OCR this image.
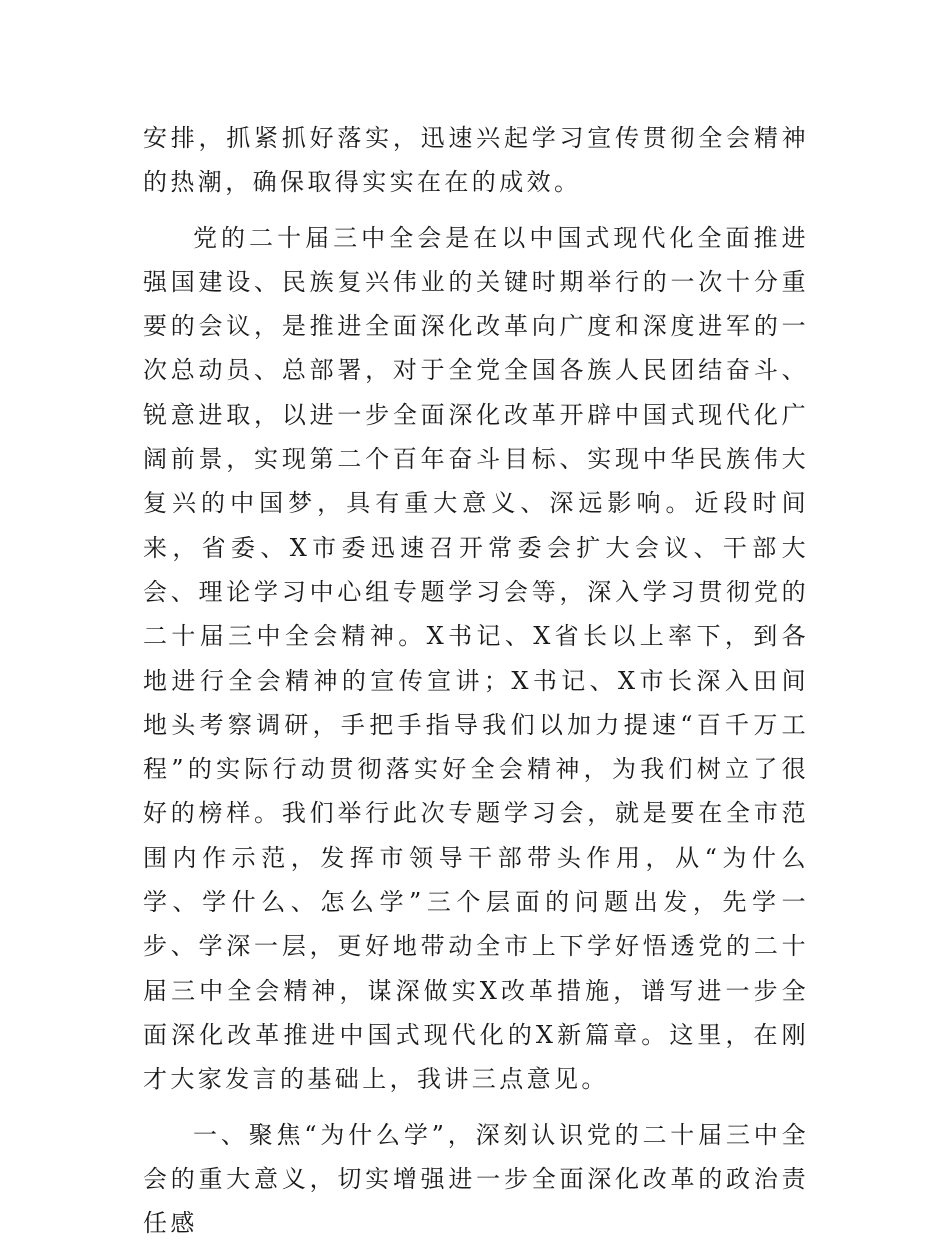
安排，抓紧抓好落实，迅速兴起学习宣传贯彻全会精神的热潮，确保取得实实在在的成效。

党的二十届三中全会是在以中国式现代化全面推进强国建设、民族复兴伟业的关键时期举行的一次十分重要的会议，是推进全面深化改革向广度和深度进军的一次总动员、总部署，对于全党全国各族人民团结奋斗、锐意进取，以进一步全面深化改革开辟中国式现代化广阔前景，实现第二个百年奋斗目标、实现中华民族伟大复兴的中国梦，具有重大意义、深远影响。近段时间来，省委、X市委迅速召开常委会扩大会议、干部大会、理论学习中心组专题学习会等，深入学习贯彻党的二十届三中全会精神。X书记、X省长以上率下，到各地进行全会精神的宣传宣讲；X书记、X市长深入田间地头考察调研，手把手指导我们以加力提速“百千万工程”的实际行动贯彻落实好全会精神，为我们树立了很好的榜样。我们举行此次专题学习会，就是要在全市范围内作示范，发挥市领导干部带头作用，从“为什么学、学什么、怎么学”三个层面的问题出发，先学一步、学深一层，更好地带动全市上下学好悟透党的二十届三中全会精神，谋深做实X改革措施，谱写进一步全面深化改革推进中国式现代化的X新篇章。这里，在刚才大家发言的基础上，我讲三点意见。

一、聚焦“为什么学”，深刻认识党的二十届三中全会的重大意义，切实增强进一步全面深化改革的政治责任感
